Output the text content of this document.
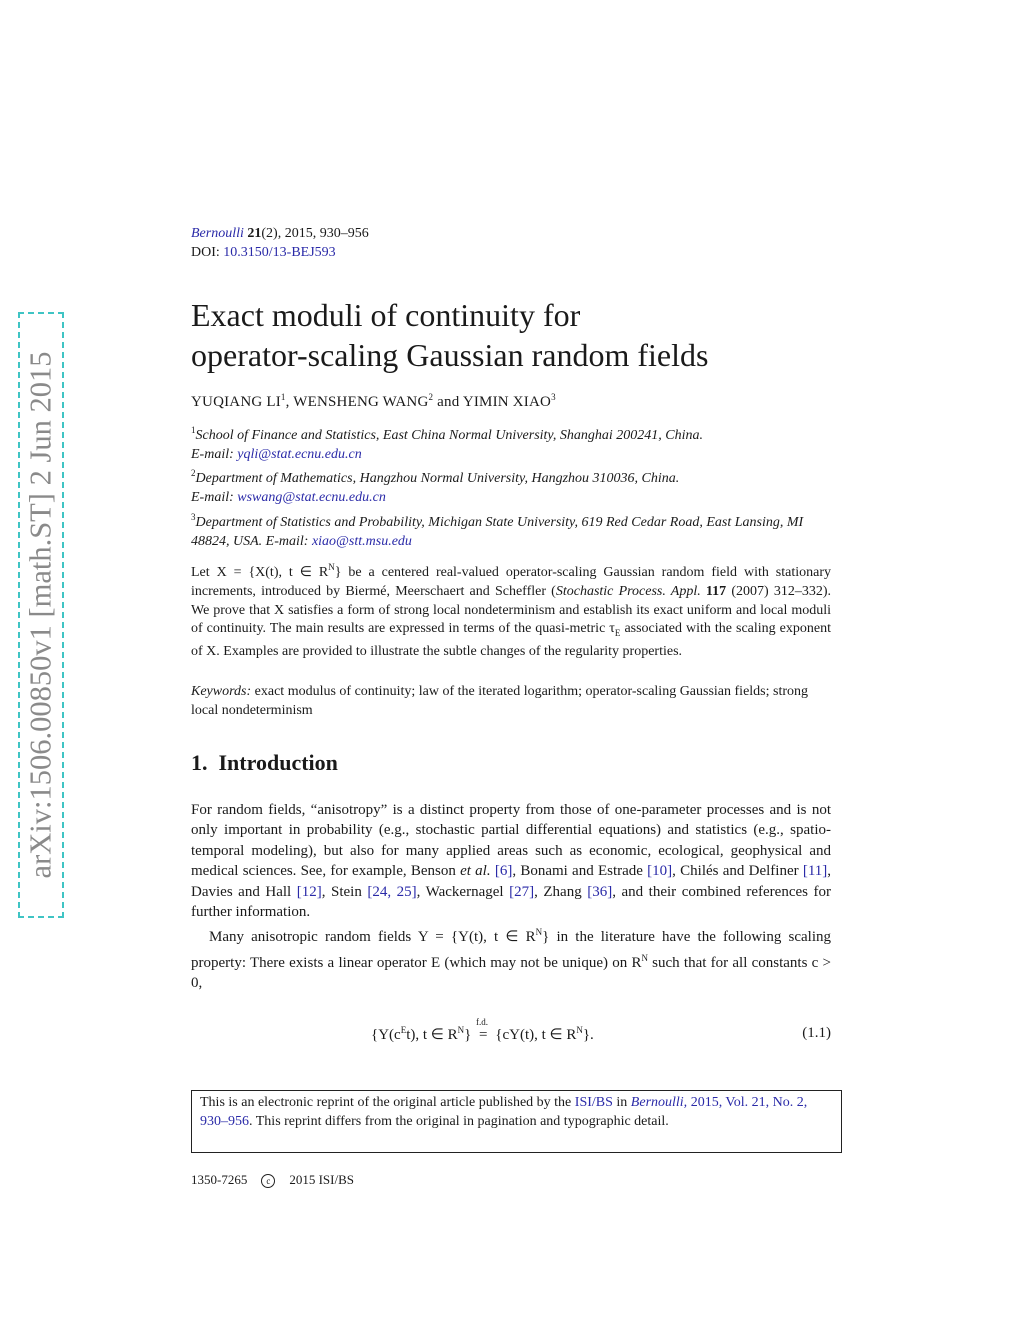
arXiv:1506.00850v1 [math.ST] 2 Jun 2015
Bernoulli 21(2), 2015, 930–956
DOI: 10.3150/13-BEJ593
Exact moduli of continuity for
operator-scaling Gaussian random fields
YUQIANG $LI^1$, WENSHENG WANG$^2$ and YIMIN XIAO$^3$

$^1$School of Finance and Statistics, East China Normal University, Shanghai 200241, China.

E-mail: yqli@stat.ecnu.edu.cn

$^2$Department of Mathematics, Hangzhou Normal University, Hangzhou 310036, China.

E-mail: wswang@stat.ecnu.edu.cn

$^3$Department of Statistics and Probability, Michigan State University, 619 Red Cedar Road, East Lansing, MI 48824, USA. E-mail: xiao@stt.msu.edu

Let X = {X(t), t ∈ $R^N$} be a centered real-valued operator-scaling Gaussian random field with stationary increments, introduced by Biermé, Meerschaert and Scheffler (Stochastic Process. Appl. 117 (2007) 312–332). We prove that X satisfies a form of strong local nondeterminism and establish its exact uniform and local moduli of continuity. The main results are expressed in terms of the quasi-metric $\tau_E$ associated with the scaling exponent of X. Examples are provided to illustrate the subtle changes of the regularity properties.
Keywords: exact modulus of continuity; law of the iterated logarithm; operator-scaling Gaussian fields; strong local nondeterminism
1. Introduction

For random fields, “anisotropy” is a distinct property from those of one-parameter processes and is not only important in probability (e.g., stochastic partial differential equations) and statistics (e.g., spatio-temporal modeling), but also for many applied areas such as economic, ecological, geophysical and medical sciences. See, for example, Benson et al. [6], Bonami and Estrade [10], Chilés and Delfiner [11], Davies and Hall [12], Stein [24, 25], Wackernagel [27], Zhang [36], and their combined references for further information.

Many anisotropic random fields Y = {Y(t), t ∈ $R^N$} in the literature have the following scaling property: There exists a linear operator E (which may not be unique) on $R^N$ such that for all constants c > 0,

{$Y(c^Et)$, t ∈ $R^N$}
f.d.
= {cY(t), t ∈ $R^N$}.	(1.1)
This is an electronic reprint of the original article published by the ISI/BS in Bernoulli, 2015, Vol. 21, No. 2, 930–956. This reprint differs from the original in pagination and typographic detail.
1350-7265 c 2015 ISI/BS
